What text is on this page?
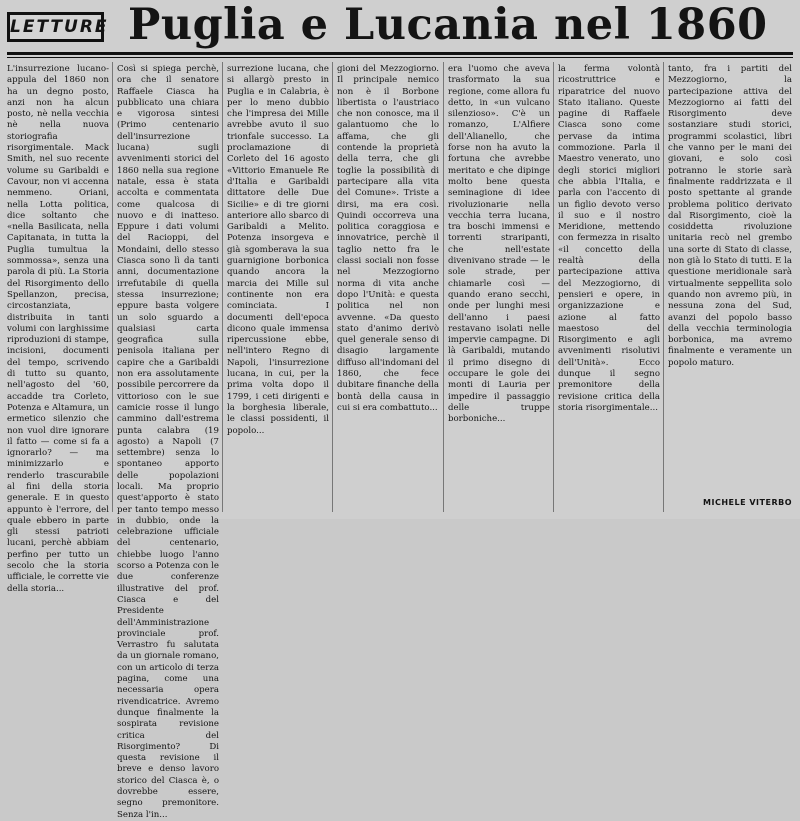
LETTURE Puglia e Lucania nel 1860
L'insurrezione lucano-appula del 1860 non ha un degno posto, anzi non ha alcun posto, nè nella vecchia nè nella nuova storiografia risorgimentale. Mack Smith, nel suo recente volume su Garibaldi e Cavour, non vi accenna nemmeno. Oriani, nella Lotta politica, dice soltanto che «nella Basilicata, nella Capitanata, in tutta la Puglia tumultua la sommossa», senza una parola di più. La Storia del Risorgimento dello Spellanzon, precisa, circostanziata, distribuita in tanti volumi con larghissime riproduzioni di stampe, incisioni, documenti del tempo, scrivendo di tutto su quanto, nell'agosto del '60, accadde tra Corleto, Potenza e Altamura, un ermetico silenzio che non vuol dire ignorare il fatto — come si fa a ignorarlo? — ma minimizzarlo e renderlo trascurabile al fini della storia generale. E in questo appunto è l'errore, del quale ebbero in parte gli stessi patrioti lucani, perchè abbiam perfino per tutto un secolo che la storia ufficiale, le corrette vie della storia...
Così si spiega perchè, ora che il senatore Raffaele Ciasca ha pubblicato una chiara e vigorosa sintesi (Primo centenario dell'insurrezione lucana) sugli avvenimenti storici del 1860 nella sua regione natale, essa è stata accolta e commentata come qualcosa di nuovo e di inatteso. Eppure i dati volumi del Racioppi, del Mondaini, dello stesso Ciasca sono lì da tanti anni, documentazione irrefutabile di quella stessa insurrezione; eppure basta volgere un solo sguardo a qualsiasi carta geografica sulla penisola italiana per capire che a Garibaldi non era assolutamente possibile percorrere da vittorioso con le sue camicie rosse il lungo cammino dall'estrema punta calabra (19 agosto) a Napoli (7 settembre) senza lo spontaneo apporto delle popolazioni locali. Ma proprio quest'apporto è stato per tanto tempo messo in dubbio, onde la celebrazione ufficiale del centenario, chiebbe luogo l'anno scorso a Potenza con le due conferenze illustrative del prof. Ciasca e del Presidente dell'Amministrazione provinciale prof. Verrastro fu salutata da un giornale romano, con un articolo di terza pagina, come una necessaria opera rivendicatrice. Avremo dunque finalmente la sospirata revisione critica del Risorgimento? Di questa revisione il breve e denso lavoro storico del Ciasca è, o dovrebbe essere, segno premonitore. Senza l'in...
surrezione lucana, che si allargò presto in Puglia e in Calabria, è per lo meno dubbio che l'impresa dei Mille avrebbe avuto il suo trionfale successo. La proclamazione di Corleto del 16 agosto «Vittorio Emanuele Re d'Italia e Garibaldi dittatore delle Due Sicilie» e di tre giorni anteriore allo sbarco di Garibaldi a Melito. Potenza insorgeva e già sgomberava la sua guarnigione borbonica quando ancora la marcia dei Mille sul continente non era cominciata. I documenti dell'epoca dicono quale immensa ripercussione ebbe, nell'intero Regno di Napoli, l'insurrezione lucana, in cui, per la prima volta dopo il 1799, i ceti dirigenti e la borghesia liberale, le classi possidenti, il popolo...
gioni del Mezzogiorno. Il principale nemico non è il Borbone libertista o l'austriaco che non conosce, ma il galantuomo che lo affama, che gli contende la proprietà della terra, che gli toglie la possibilità di partecipare alla vita del Comune». Triste a dirsi, ma era così. Quindi occorreva una politica coraggiosa e innovatrice, perchè il taglio netto fra le classi sociali non fosse nel Mezzogiorno norma di vita anche dopo l'Unità: e questa politica nel non avvenne. «Da questo stato d'animo derivò quel generale senso di disagio largamente diffuso all'indomani del 1860, che fece dubitare finanche della bontà della causa in cui si era combattuto...
era l'uomo che aveva trasformato la sua regione, come allora fu detto, in «un vulcano silenzioso». C'è un romanzo, L'Alfiere dell'Alianello, che forse non ha avuto la fortuna che avrebbe meritato e che dipinge molto bene questa seminagione di idee rivoluzionarie nella vecchia terra lucana, tra boschi immensi e torrenti straripanti, che nell'estate divenivano strade — le sole strade, per chiamarle così — quando erano secchi, onde per lunghi mesi dell'anno i paesi restavano isolati nelle impervie campagne. Di là Garibaldi, mutando il primo disegno di occupare le gole dei monti di Lauria per impedire il passaggio delle truppe borboniche...
la ferma volontà ricostruttrice e riparatrice del nuovo Stato italiano. Queste pagine di Raffaele Ciasca sono come pervase da intima commozione. Parla il Maestro venerato, uno degli storici migliori che abbia l'Italia, e parla con l'accento di un figlio devoto verso il suo e il nostro Meridione, mettendo con fermezza in risalto «il concetto della realtà della partecipazione attiva del Mezzogiorno, di pensieri e opere, in organizzazione e azione al fatto maestoso del Risorgimento e agli avvenimenti risolutivi dell'Unità». Ecco dunque il segno premonitore della revisione critica della storia risorgimentale...
tanto, fra i partiti del Mezzogiorno, la partecipazione attiva del Mezzogiorno ai fatti del Risorgimento deve sostanziare studi storici, programmi scolastici, libri che vanno per le mani dei giovani, e solo così potranno le storie sarà finalmente raddrizzata e il posto spettante al grande problema politico derivato dal Risorgimento, cioè la cosiddetta rivoluzione unitaria recò nel grembo una sorte di Stato di classe, non già lo Stato di tutti. E la questione meridionale sarà virtualmente seppellita solo quando non avremo più, in nessuna zona del Sud, avanzi del popolo basso della vecchia terminologia borbonica, ma avremo finalmente e veramente un popolo maturo.
MICHELE VITERBO
